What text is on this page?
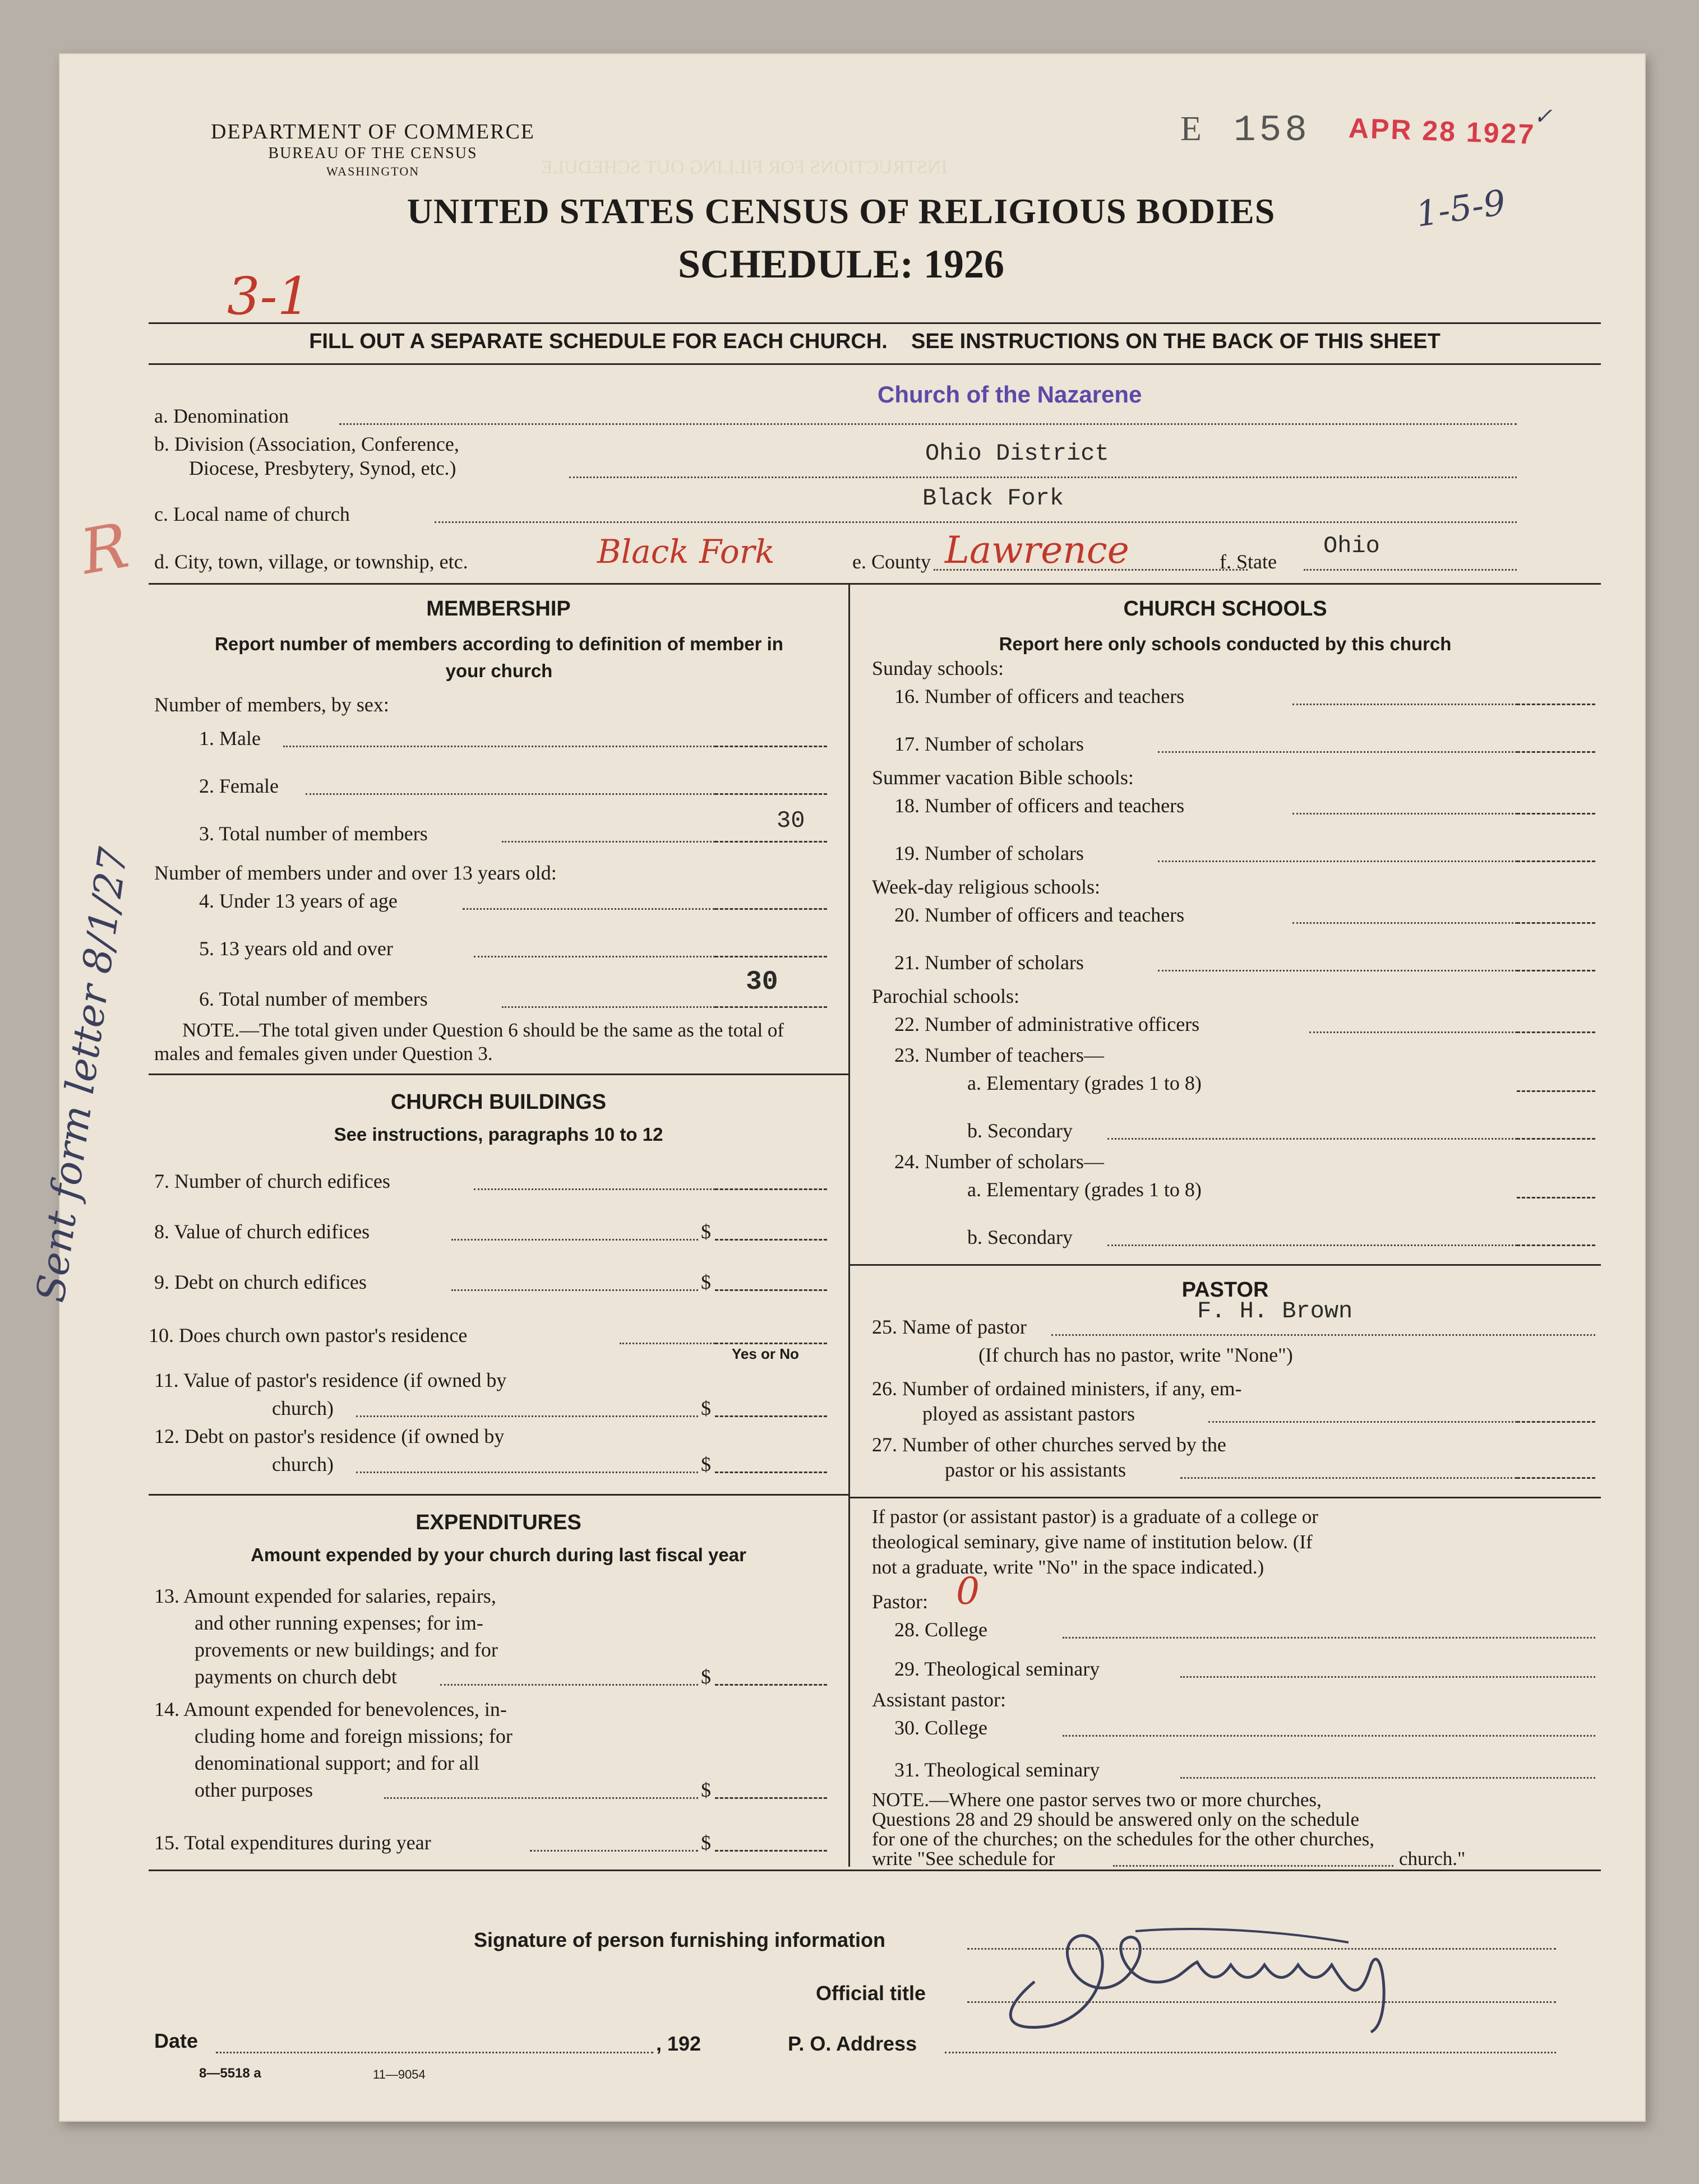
INSTRUCTIONS FOR FILLING OUT SCHEDULE
DEPARTMENT OF COMMERCE
BUREAU OF THE CENSUS
WASHINGTON
E 158 APR 28 1927
1-5-9
✓
UNITED STATES CENSUS OF RELIGIOUS BODIES
SCHEDULE: 1926
3-1
FILL OUT A SEPARATE SCHEDULE FOR EACH CHURCH.    SEE INSTRUCTIONS ON THE BACK OF THIS SHEET
a. Denomination
Church of the Nazarene
b. Division (Association, Conference,
Diocese, Presbytery, Synod, etc.)
Ohio District
c. Local name of church
Black Fork
R d. City, town, village, or township, etc.	Black Fork	e. County Lawrence	f. State
Ohio
MEMBERSHIP
Report number of members according to definition of member in your church
Number of members, by sex:
1. Male
2. Female
3. Total number of members	30
Number of members under and over 13 years old:
4. Under 13 years of age
5. 13 years old and over
6. Total number of members
30
NOTE.—The total given under Question 6 should be the same as the total of males and females given under Question 3.
CHURCH BUILDINGS
See instructions, paragraphs 10 to 12
7. Number of church edifices
8. Value of church edifices	$
9. Debt on church edifices	$
10. Does church own pastor's residence
Yes or No
11. Value of pastor's residence (if owned by
church)	$
12. Debt on pastor's residence (if owned by
church)	$
EXPENDITURES
Amount expended by your church during last fiscal year
13. Amount expended for salaries, repairs,
and other running expenses; for im-
provements or new buildings; and for
payments on church debt	$
14. Amount expended for benevolences, in-
cluding home and foreign missions; for
denominational support; and for all
other purposes	$
15. Total expenditures during year	$
Sent form letter 8/1/27
CHURCH SCHOOLS
Report here only schools conducted by this church
Sunday schools:
16. Number of officers and teachers
17. Number of scholars
Summer vacation Bible schools:
18. Number of officers and teachers
19. Number of scholars
Week-day religious schools:
20. Number of officers and teachers
21. Number of scholars
Parochial schools:
22. Number of administrative officers
23. Number of teachers—
a. Elementary (grades 1 to 8)
b. Secondary
24. Number of scholars—
a. Elementary (grades 1 to 8)
b. Secondary
PASTOR
25. Name of pastor
F. H. Brown
(If church has no pastor, write "None")
26. Number of ordained ministers, if any, em-
ployed as assistant pastors
27. Number of other churches served by the
pastor or his assistants
If pastor (or assistant pastor) is a graduate of a college or
theological seminary, give name of institution below. (If
not a graduate, write "No" in the space indicated.)
Pastor: 0
28. College
29. Theological seminary
Assistant pastor:
30. College
31. Theological seminary
NOTE.—Where one pastor serves two or more churches,
Questions 28 and 29 should be answered only on the schedule
for one of the churches; on the schedules for the other churches,
write "See schedule for	church."
Signature of person furnishing information
Official title
Date	, 192	P. O. Address
8—5518 a	11—9054
